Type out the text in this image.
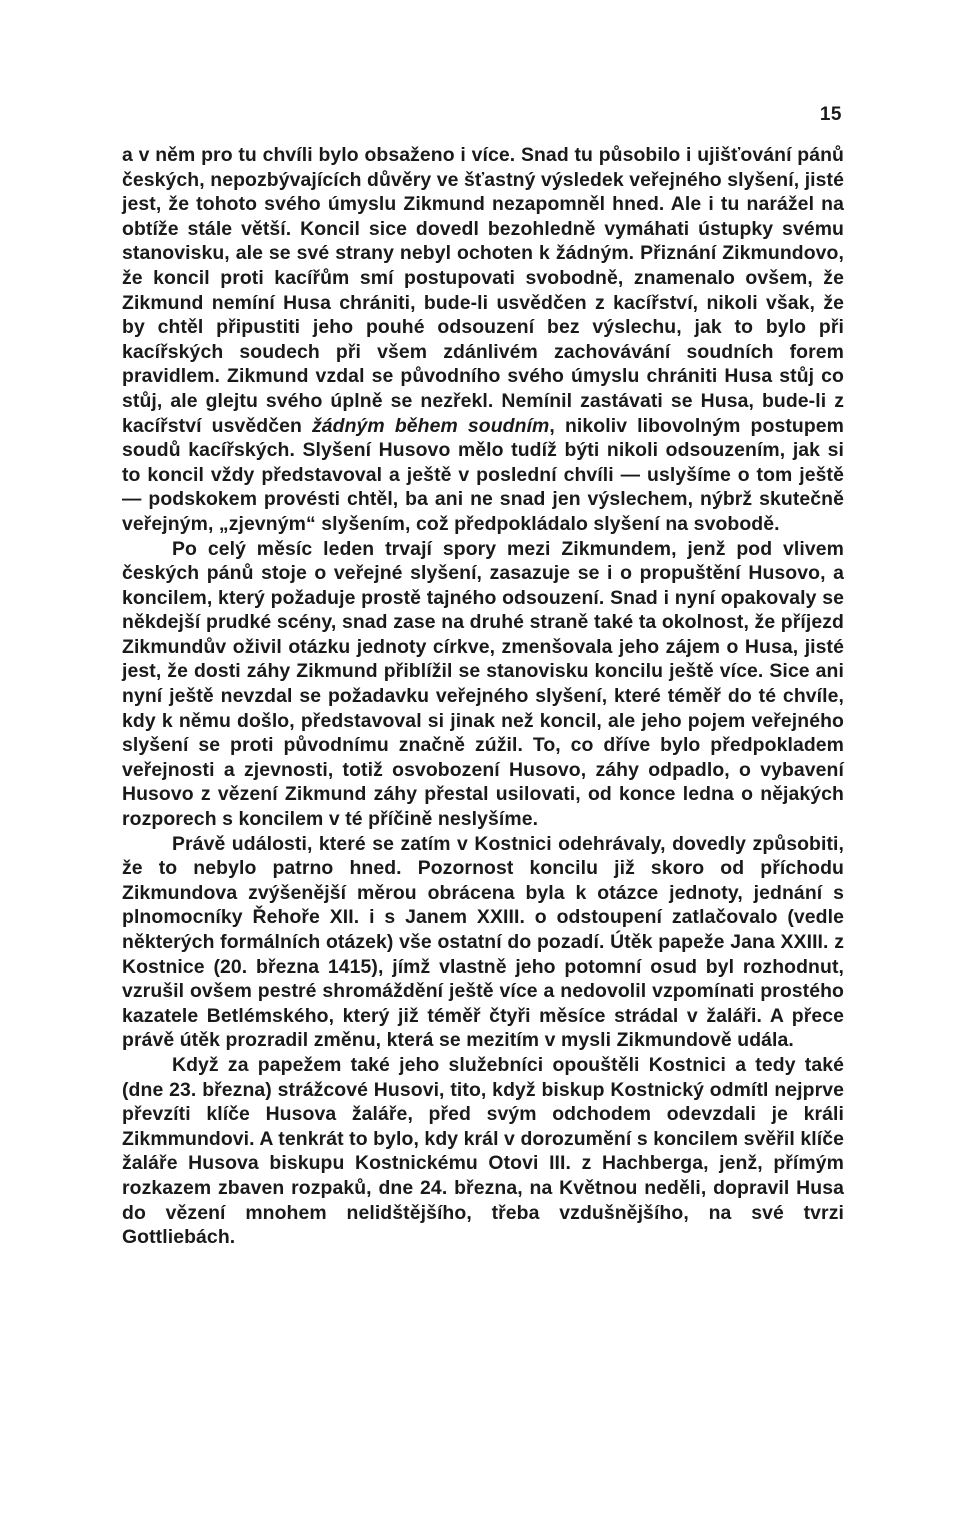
15

a v něm pro tu chvíli bylo obsaženo i více. Snad tu působilo i ujišťování pánů českých, nepozbývajících důvěry ve šťastný výsledek veřejného slyšení, jisté jest, že tohoto svého úmyslu Zikmund nezapomněl hned. Ale i tu narážel na obtíže stále větší. Koncil sice dovedl bezohledně vymáhati ústupky svému stanovisku, ale se své strany nebyl ochoten k žádným. Přiznání Zikmundovo, že koncil proti kacířům smí postupovati svobodně, znamenalo ovšem, že Zikmund nemíní Husa chrániti, bude-li usvědčen z kacířství, nikoli však, že by chtěl připustiti jeho pouhé odsouzení bez výslechu, jak to bylo při kacířských soudech při všem zdánlivém zachovávání soudních forem pravidlem. Zikmund vzdal se původního svého úmyslu chrániti Husa stůj co stůj, ale glejtu svého úplně se nezřekl. Nemínil zastávati se Husa, bude-li z kacířství usvědčen žádným během soudním, nikoliv libovolným postupem soudů kacířských. Slyšení Husovo mělo tudíž býti nikoli odsouzením, jak si to koncil vždy představoval a ještě v poslední chvíli — uslyšíme o tom ještě — podskokem provésti chtěl, ba ani ne snad jen výslechem, nýbrž skutečně veřejným, „zjevným“ slyšením, což předpokládalo slyšení na svobodě.

Po celý měsíc leden trvají spory mezi Zikmundem, jenž pod vlivem českých pánů stoje o veřejné slyšení, zasazuje se i o propuštění Husovo, a koncilem, který požaduje prostě tajného odsouzení. Snad i nyní opakovaly se někdejší prudké scény, snad zase na druhé straně také ta okolnost, že příjezd Zikmundův oživil otázku jednoty církve, zmenšovala jeho zájem o Husa, jisté jest, že dosti záhy Zikmund přiblížil se stanovisku koncilu ještě více. Sice ani nyní ještě nevzdal se požadavku veřejného slyšení, které téměř do té chvíle, kdy k němu došlo, představoval si jinak než koncil, ale jeho pojem veřejného slyšení se proti původnímu značně zúžil. To, co dříve bylo předpokladem veřejnosti a zjevnosti, totiž osvobození Husovo, záhy odpadlo, o vybavení Husovo z vězení Zikmund záhy přestal usilovati, od konce ledna o nějakých rozporech s koncilem v té příčině neslyšíme.

Právě události, které se zatím v Kostnici odehrávaly, dovedly způsobiti, že to nebylo patrno hned. Pozornost koncilu již skoro od příchodu Zikmundova zvýšenější měrou obrácena byla k otázce jednoty, jednání s plnomocníky Řehoře XII. i s Janem XXIII. o odstoupení zatlačovalo (vedle některých formálních otázek) vše ostatní do pozadí. Útěk papeže Jana XXIII. z Kostnice (20. března 1415), jímž vlastně jeho potomní osud byl rozhodnut, vzrušil ovšem pestré shromáždění ještě více a nedovolil vzpomínati prostého kazatele Betlémského, který již téměř čtyři měsíce strádal v žaláři. A přece právě útěk prozradil změnu, která se mezitím v mysli Zikmundově udála.

Když za papežem také jeho služebníci opouštěli Kostnici a tedy také (dne 23. března) strážcové Husovi, tito, když biskup Kostnický odmítl nejprve převzíti klíče Husova žaláře, před svým odchodem odevzdali je králi Zikmmundovi. A tenkrát to bylo, kdy král v dorozumění s koncilem svěřil klíče žaláře Husova biskupu Kostnickému Otovi III. z Hachberga, jenž, přímým rozkazem zbaven rozpaků, dne 24. března, na Květnou neděli, dopravil Husa do vězení mnohem nelidštějšího, třeba vzdušnějšího, na své tvrzi Gottliebách.
